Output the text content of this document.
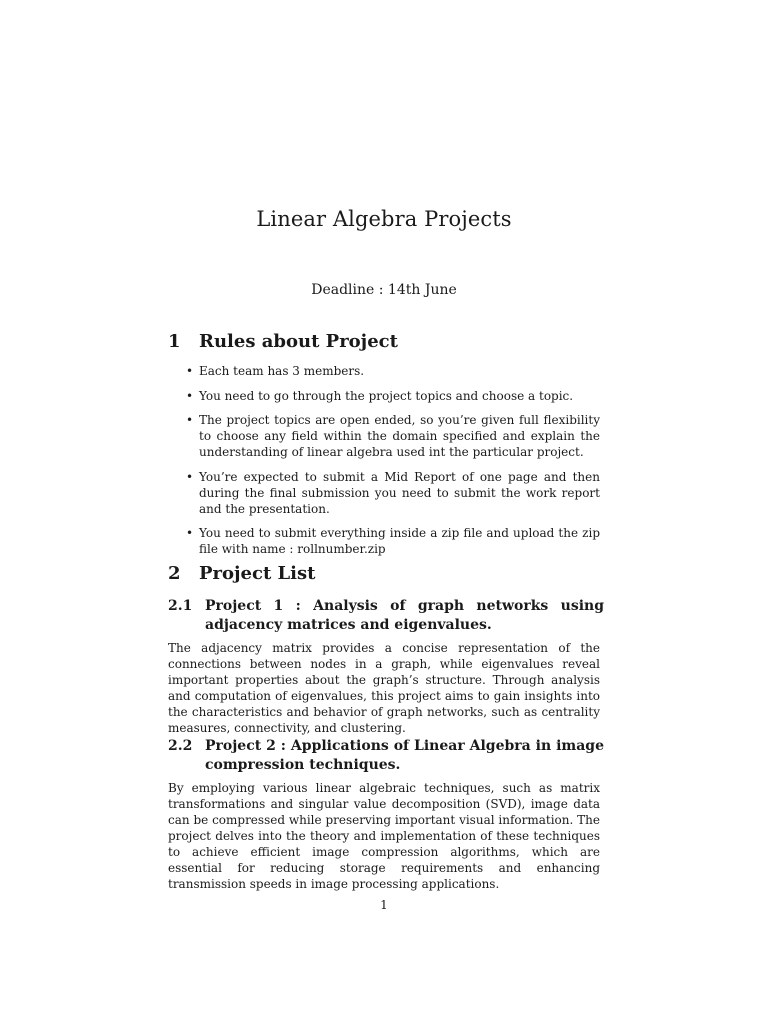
Linear Algebra Projects

Deadline : 14th June

1 Rules about Project
• Each team has 3 members.
• You need to go through the project topics and choose a topic.
• The project topics are open ended, so you’re given full flexibility to choose any field within the domain specified and explain the understanding of linear algebra used int the particular project.
• You’re expected to submit a Mid Report of one page and then during the final submission you need to submit the work report and the presentation.
• You need to submit everything inside a zip file and upload the zip file with name : rollnumber.zip
2 Project List
2.1 Project 1 : Analysis of graph networks using adjacency matrices and eigenvalues.

The adjacency matrix provides a concise representation of the connections between nodes in a graph, while eigenvalues reveal important properties about the graph’s structure. Through analysis and computation of eigenvalues, this project aims to gain insights into the characteristics and behavior of graph networks, such as centrality measures, connectivity, and clustering.

2.2 Project 2 : Applications of Linear Algebra in image compression techniques.

By employing various linear algebraic techniques, such as matrix transformations and singular value decomposition (SVD), image data can be compressed while preserving important visual information. The project delves into the theory and implementation of these techniques to achieve efficient image compression algorithms, which are essential for reducing storage requirements and enhancing transmission speeds in image processing applications.

1
